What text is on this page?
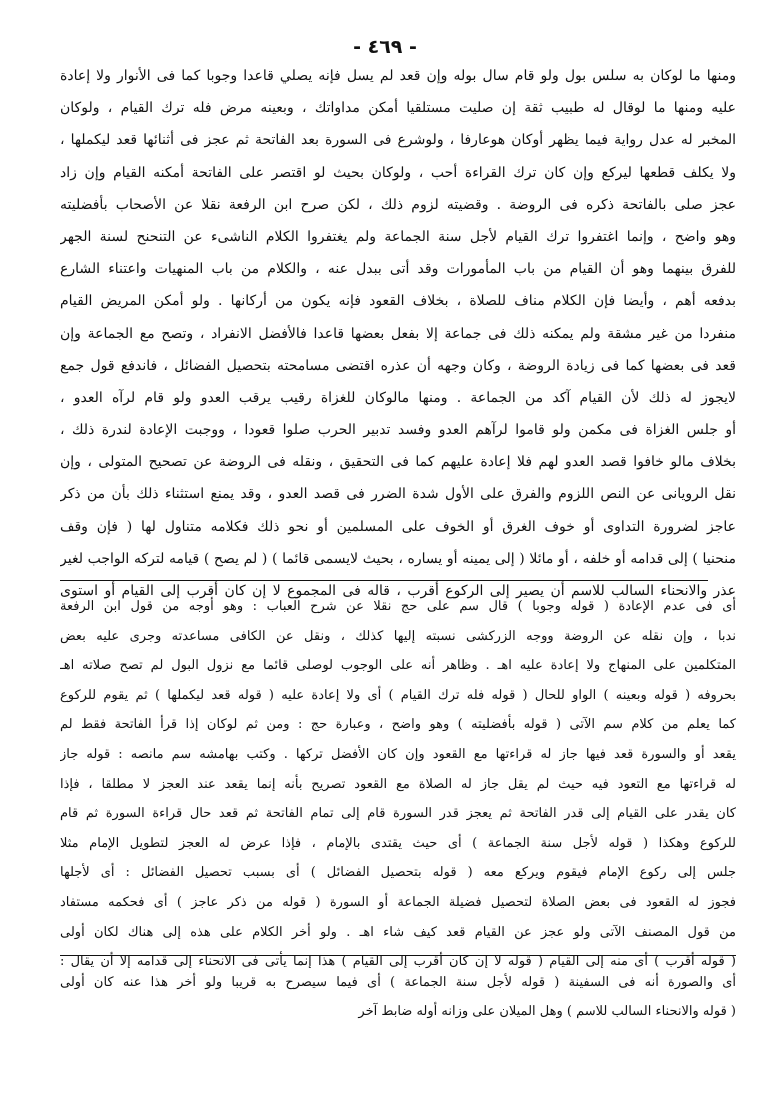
- ٤٦٩ -
ومنها ما لوكان به سلس بول ولو قام سال بوله وإن قعد لم يسل فإنه يصلي قاعدا وجوبا كما فى الأنوار ولا إعادة
عليه ومنها ما لوقال له طبيب ثقة إن صليت مستلقيا أمكن مداواتك ، وبعينه مرض فله ترك القيام ، ولوكان
المخبر له عدل رواية فيما يظهر أوكان هوعارفا ، ولوشرع فى السورة بعد الفاتحة ثم عجز فى أثنائها قعد ليكملها ،
ولا يكلف قطعها ليركع وإن كان ترك القراءة أحب ، ولوكان بحيث لو اقتصر على الفاتحة أمكنه القيام وإن زاد
عجز صلى بالفاتحة ذكره فى الروضة . وقضيته لزوم ذلك ، لكن صرح ابن الرفعة نقلا عن الأصحاب بأفضليته
وهو واضح ، وإنما اغتفروا ترك القيام لأجل سنة الجماعة ولم يغتفروا الكلام الناشىء عن التنحنح لسنة الجهر
للفرق بينهما وهو أن القيام من باب المأمورات وقد أتى ببدل عنه ، والكلام من باب المنهيات واعتناء الشارع
بدفعه أهم ، وأيضا فإن الكلام مناف للصلاة ، بخلاف القعود فإنه يكون من أركانها . ولو أمكن المريض القيام
منفردا من غير مشقة ولم يمكنه ذلك فى جماعة إلا بفعل بعضها قاعدا فالأفضل الانفراد ، وتصح مع الجماعة وإن
قعد فى بعضها كما فى زيادة الروضة ، وكان وجهه أن عذره اقتضى مسامحته بتحصيل الفضائل ، فاندفع قول جمع
لايجوز له ذلك لأن القيام آكد من الجماعة . ومنها مالوكان للغزاة رقيب يرقب العدو ولو قام لرآه العدو ،
أو جلس الغزاة فى مكمن ولو قاموا لرآهم العدو وفسد تدبير الحرب صلوا قعودا ، ووجبت الإعادة لندرة ذلك ،
بخلاف مالو خافوا قصد العدو لهم فلا إعادة عليهم كما فى التحقيق ، ونقله فى الروضة عن تصحيح المتولى ، وإن
نقل الرويانى عن النص اللزوم والفرق على الأول شدة الضرر فى قصد العدو ، وقد يمنع استثناء ذلك بأن من ذكر
عاجز لضرورة التداوى أو خوف الغرق أو الخوف على المسلمين أو نحو ذلك فكلامه متناول لها ( فإن وقف
منحنيا ) إلى قدامه أو خلفه ، أو مائلا ( إلى يمينه أو يساره ، بحيث لايسمى قائما ) ( لم يصح ) قيامه لتركه الواجب لغير
عذر والانحناء السالب للاسم أن يصير إلى الركوع أقرب ، قاله فى المجموع لا إن كان أقرب إلى القيام أو استوى
أى فى عدم الإعادة ( قوله وجوبا ) قال سم على حج نقلا عن شرح العباب : وهو أوجه من قول ابن الرفعة
ندبا ، وإن نقله عن الروضة ووجه الزركشى نسبته إليها كذلك ، ونقل عن الكافى مساعدته وجرى عليه بعض
المتكلمين على المنهاج ولا إعادة عليه اهـ . وظاهر أنه على الوجوب لوصلى قائما مع نزول البول لم تصح صلاته اهـ
بحروفه ( قوله وبعينه ) الواو للحال ( قوله فله ترك القيام ) أى ولا إعادة عليه ( قوله قعد ليكملها ) ثم يقوم للركوع
كما يعلم من كلام سم الآتى ( قوله بأفضليته ) وهو واضح ، وعبارة حج : ومن ثم لوكان إذا قرأ الفاتحة فقط لم
يقعد أو والسورة قعد فيها جاز له قراءتها مع القعود وإن كان الأفضل تركها . وكتب بهامشه سم مانصه : قوله جاز
له قراءتها مع التعود فيه حيث لم يقل جاز له الصلاة مع القعود تصريح بأنه إنما يقعد عند العجز لا مطلقا ، فإذا
كان يقدر على القيام إلى قدر الفاتحة ثم يعجز قدر السورة قام إلى تمام الفاتحة ثم قعد حال قراءة السورة ثم قام
للركوع وهكذا ( قوله لأجل سنة الجماعة ) أى حيث يقتدى بالإمام ، فإذا عرض له العجز لتطويل الإمام مثلا
جلس إلى ركوع الإمام فيقوم ويركع معه ( قوله بتحصيل الفضائل ) أى بسبب تحصيل الفضائل : أى لأجلها
فجوز له القعود فى بعض الصلاة لتحصيل فضيلة الجماعة أو السورة ( قوله من ذكر عاجز ) أى فحكمه مستفاد
من قول المصنف الآتى ولو عجز عن القيام قعد كيف شاء اهـ . ولو أخر الكلام على هذه إلى هناك لكان أولى
( قوله أقرب ) أى منه إلى القيام ( قوله لا إن كان أقرب إلى القيام ) هذا إنما يأتى فى الانحناء إلى قدامه إلا أن يقال :
أى والصورة أنه فى السفينة ( قوله لأجل سنة الجماعة ) أى فيما سيصرح به قريبا ولو أخر هذا عنه كان أولى
( قوله والانحناء السالب للاسم ) وهل الميلان على وزانه أوله ضابط آخر
